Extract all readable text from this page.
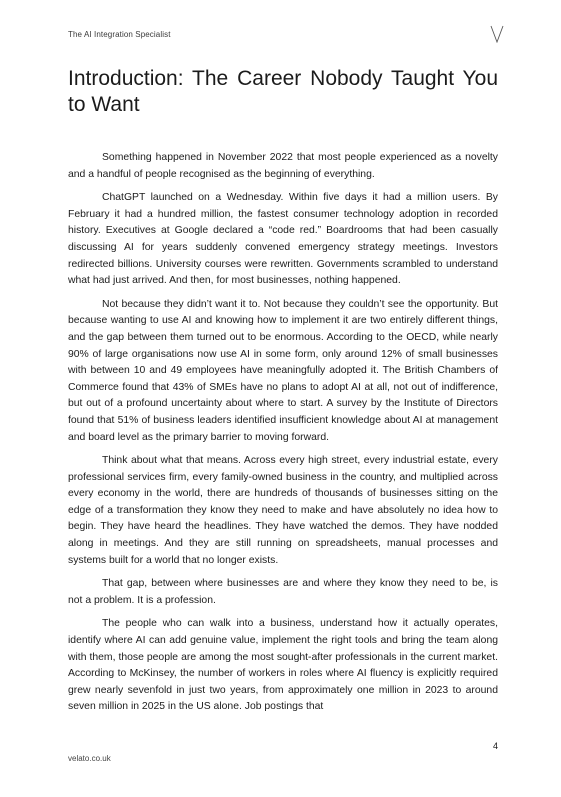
The AI Integration Specialist
Introduction: The Career Nobody Taught You to Want

Something happened in November 2022 that most people experienced as a novelty and a handful of people recognised as the beginning of everything.

ChatGPT launched on a Wednesday. Within five days it had a million users. By February it had a hundred million, the fastest consumer technology adoption in recorded history. Executives at Google declared a “code red.” Boardrooms that had been casually discussing AI for years suddenly convened emergency strategy meetings. Investors redirected billions. University courses were rewritten. Governments scrambled to understand what had just arrived. And then, for most businesses, nothing happened.

Not because they didn’t want it to. Not because they couldn’t see the opportunity. But because wanting to use AI and knowing how to implement it are two entirely different things, and the gap between them turned out to be enormous. According to the OECD, while nearly 90% of large organisations now use AI in some form, only around 12% of small businesses with between 10 and 49 employees have meaningfully adopted it. The British Chambers of Commerce found that 43% of SMEs have no plans to adopt AI at all, not out of indifference, but out of a profound uncertainty about where to start. A survey by the Institute of Directors found that 51% of business leaders identified insufficient knowledge about AI at management and board level as the primary barrier to moving forward.

Think about what that means. Across every high street, every industrial estate, every professional services firm, every family-owned business in the country, and multiplied across every economy in the world, there are hundreds of thousands of businesses sitting on the edge of a transformation they know they need to make and have absolutely no idea how to begin. They have heard the headlines. They have watched the demos. They have nodded along in meetings. And they are still running on spreadsheets, manual processes and systems built for a world that no longer exists.

That gap, between where businesses are and where they know they need to be, is not a problem. It is a profession.

The people who can walk into a business, understand how it actually operates, identify where AI can add genuine value, implement the right tools and bring the team along with them, those people are among the most sought-after professionals in the current market. According to McKinsey, the number of workers in roles where AI fluency is explicitly required grew nearly sevenfold in just two years, from approximately one million in 2023 to around seven million in 2025 in the US alone. Job postings that

4
velato.co.uk
